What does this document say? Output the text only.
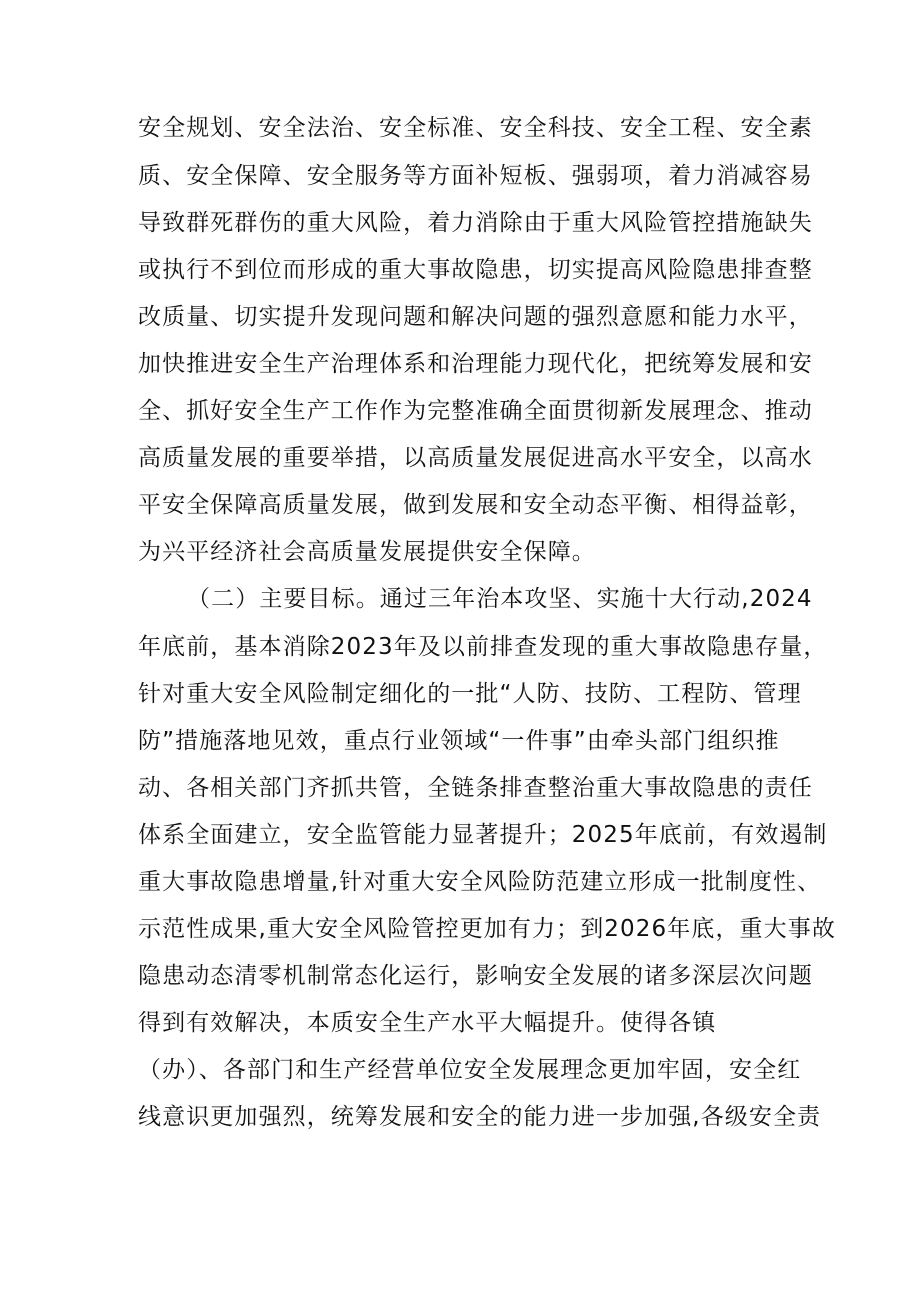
安全规划、安全法治、安全标准、安全科技、安全工程、安全素
质、安全保障、安全服务等方面补短板、强弱项，着力消减容易
导致群死群伤的重大风险，着力消除由于重大风险管控措施缺失
或执行不到位而形成的重大事故隐患，切实提高风险隐患排查整
改质量、切实提升发现问题和解决问题的强烈意愿和能力水平，
加快推进安全生产治理体系和治理能力现代化，把统筹发展和安
全、抓好安全生产工作作为完整准确全面贯彻新发展理念、推动
高质量发展的重要举措，以高质量发展促进高水平安全，以高水
平安全保障高质量发展，做到发展和安全动态平衡、相得益彰，
为兴平经济社会高质量发展提供安全保障。
（二）主要目标。通过三年治本攻坚、实施十大行动,2024
年底前，基本消除2023年及以前排查发现的重大事故隐患存量，
针对重大安全风险制定细化的一批“人防、技防、工程防、管理
防”措施落地见效，重点行业领域“一件事”由牵头部门组织推
动、各相关部门齐抓共管，全链条排查整治重大事故隐患的责任
体系全面建立，安全监管能力显著提升；2025年底前，有效遏制
重大事故隐患增量,针对重大安全风险防范建立形成一批制度性、
示范性成果,重大安全风险管控更加有力；到2026年底，重大事故
隐患动态清零机制常态化运行，影响安全发展的诸多深层次问题
得到有效解决，本质安全生产水平大幅提升。使得各镇
（办）、各部门和生产经营单位安全发展理念更加牢固，安全红
线意识更加强烈，统筹发展和安全的能力进一步加强,各级安全责
